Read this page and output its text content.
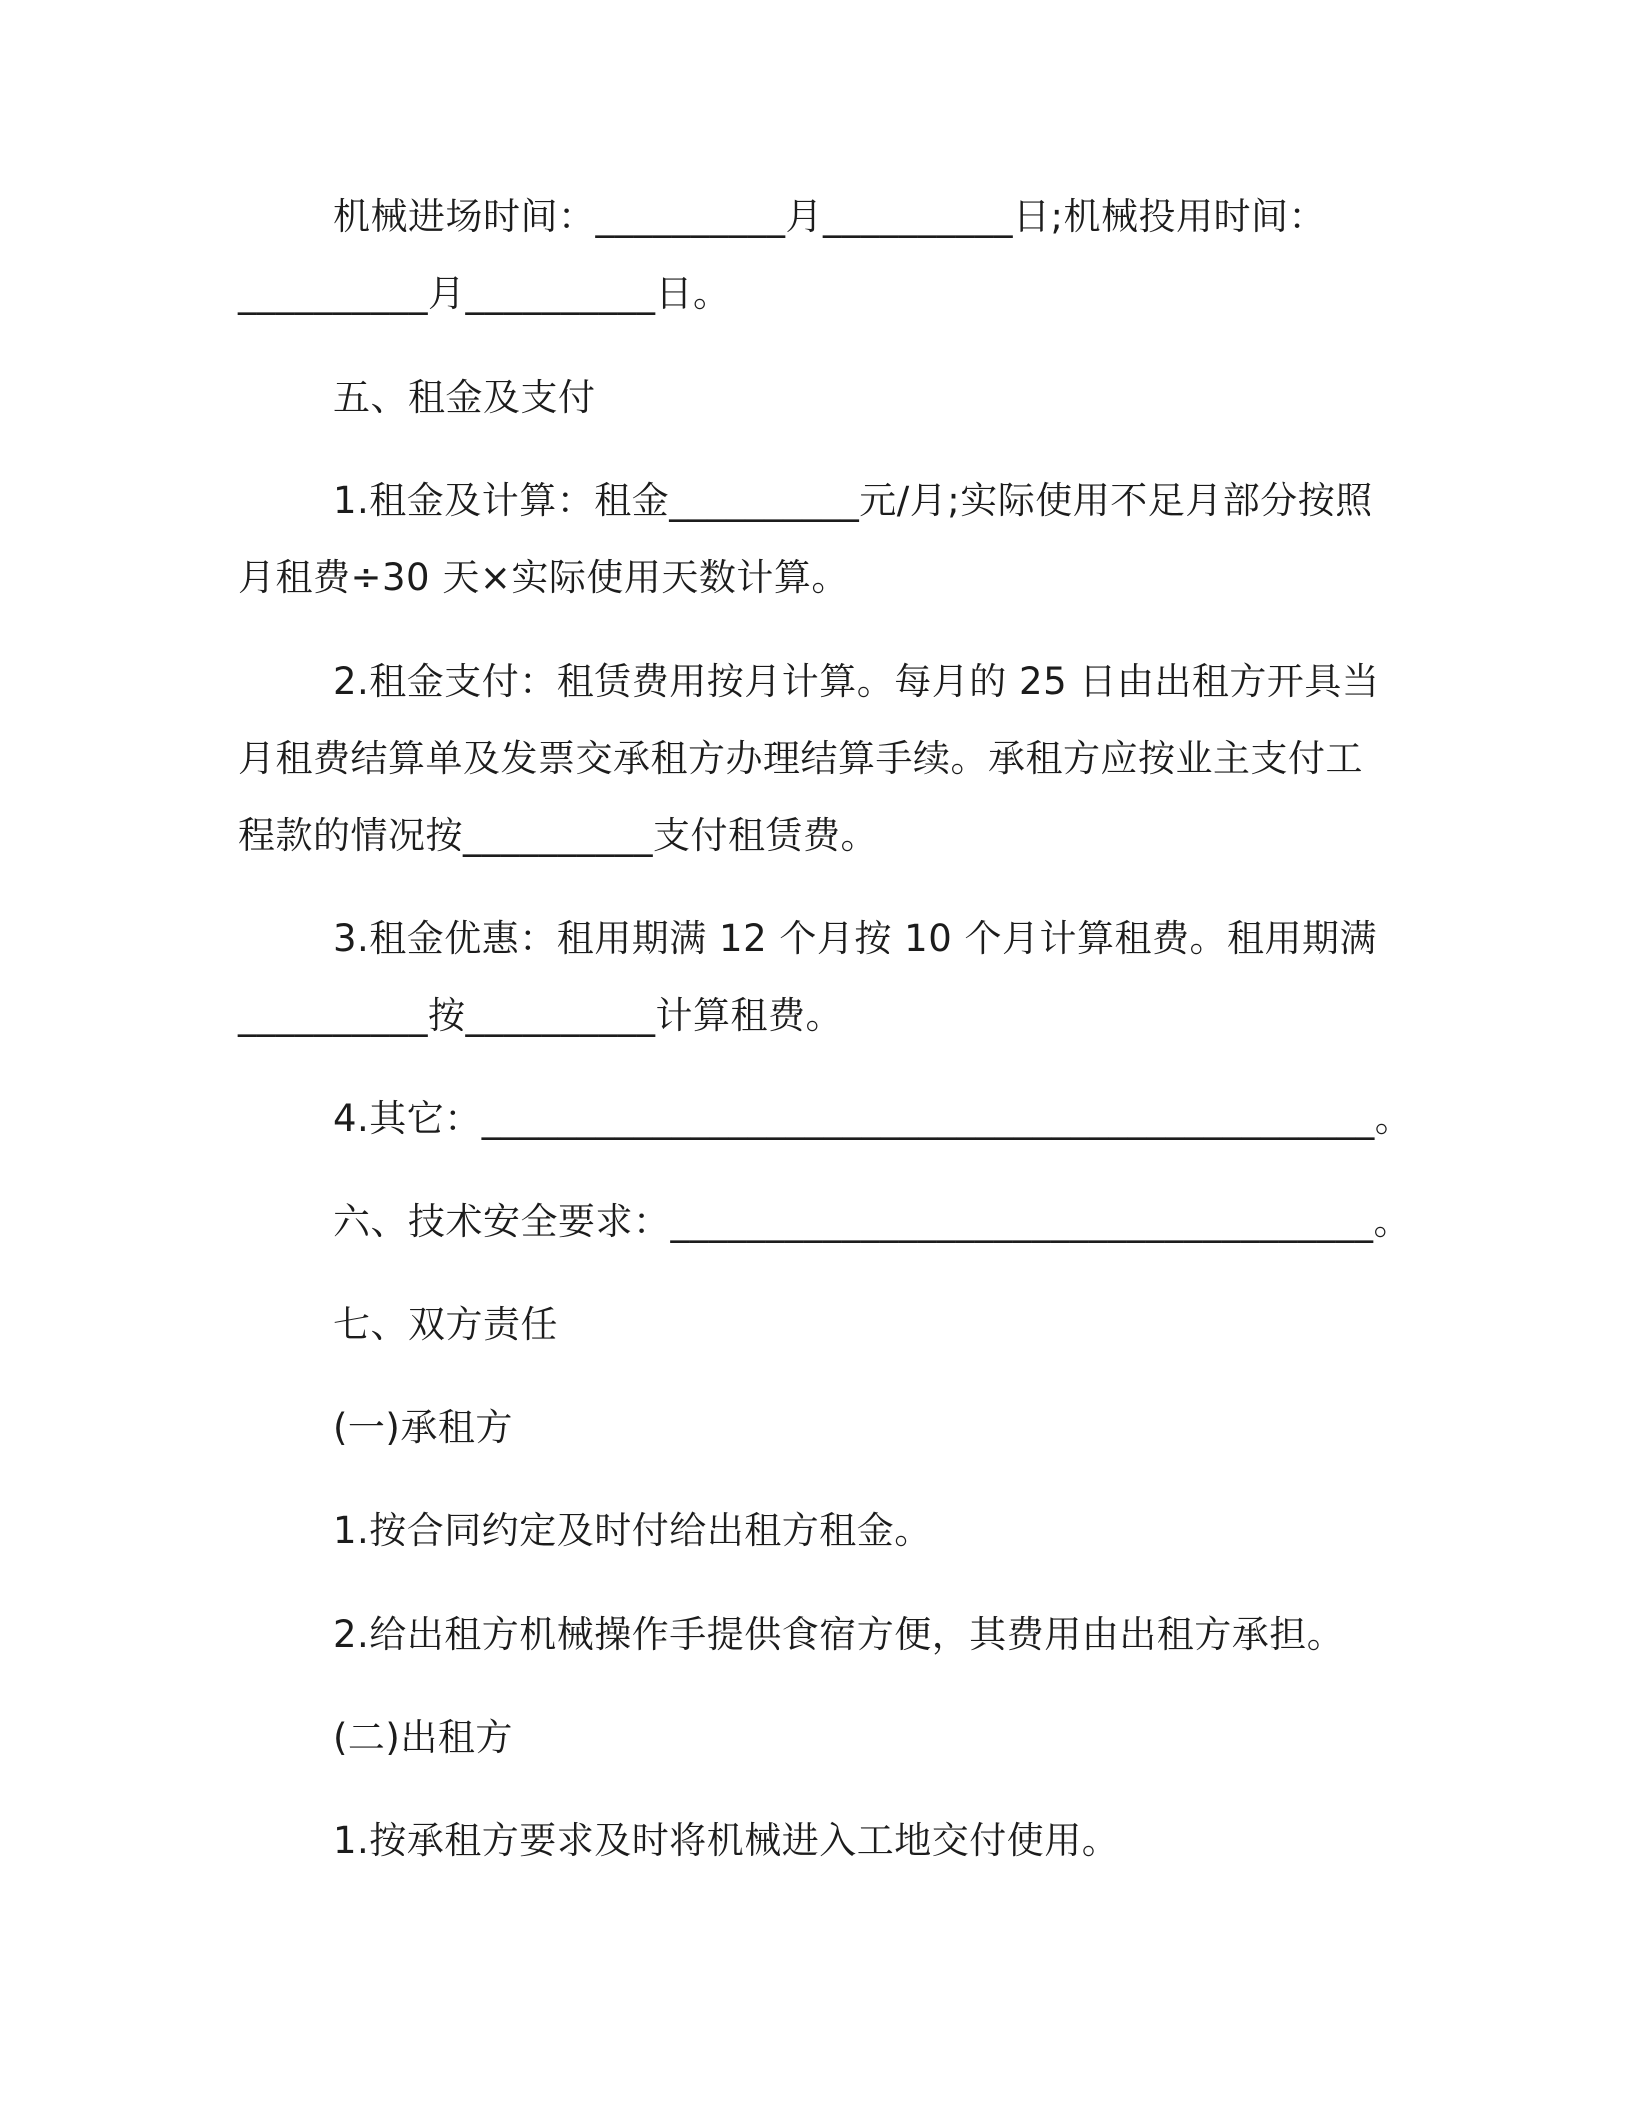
机械进场时间：__________月__________日;机械投用时间：

__________月__________日。

五、租金及支付

1.租金及计算：租金__________元/月;实际使用不足月部分按照

月租费÷30 天×实际使用天数计算。

2.租金支付：租赁费用按月计算。每月的 25 日由出租方开具当

月租费结算单及发票交承租方办理结算手续。承租方应按业主支付工

程款的情况按__________支付租赁费。

3.租金优惠：租用期满 12 个月按 10 个月计算租费。租用期满

__________按__________计算租费。

4.其它：_______________________________________________。

六、技术安全要求：_____________________________________。

七、双方责任

(一)承租方

1.按合同约定及时付给出租方租金。

2.给出租方机械操作手提供食宿方便，其费用由出租方承担。

(二)出租方

1.按承租方要求及时将机械进入工地交付使用。
